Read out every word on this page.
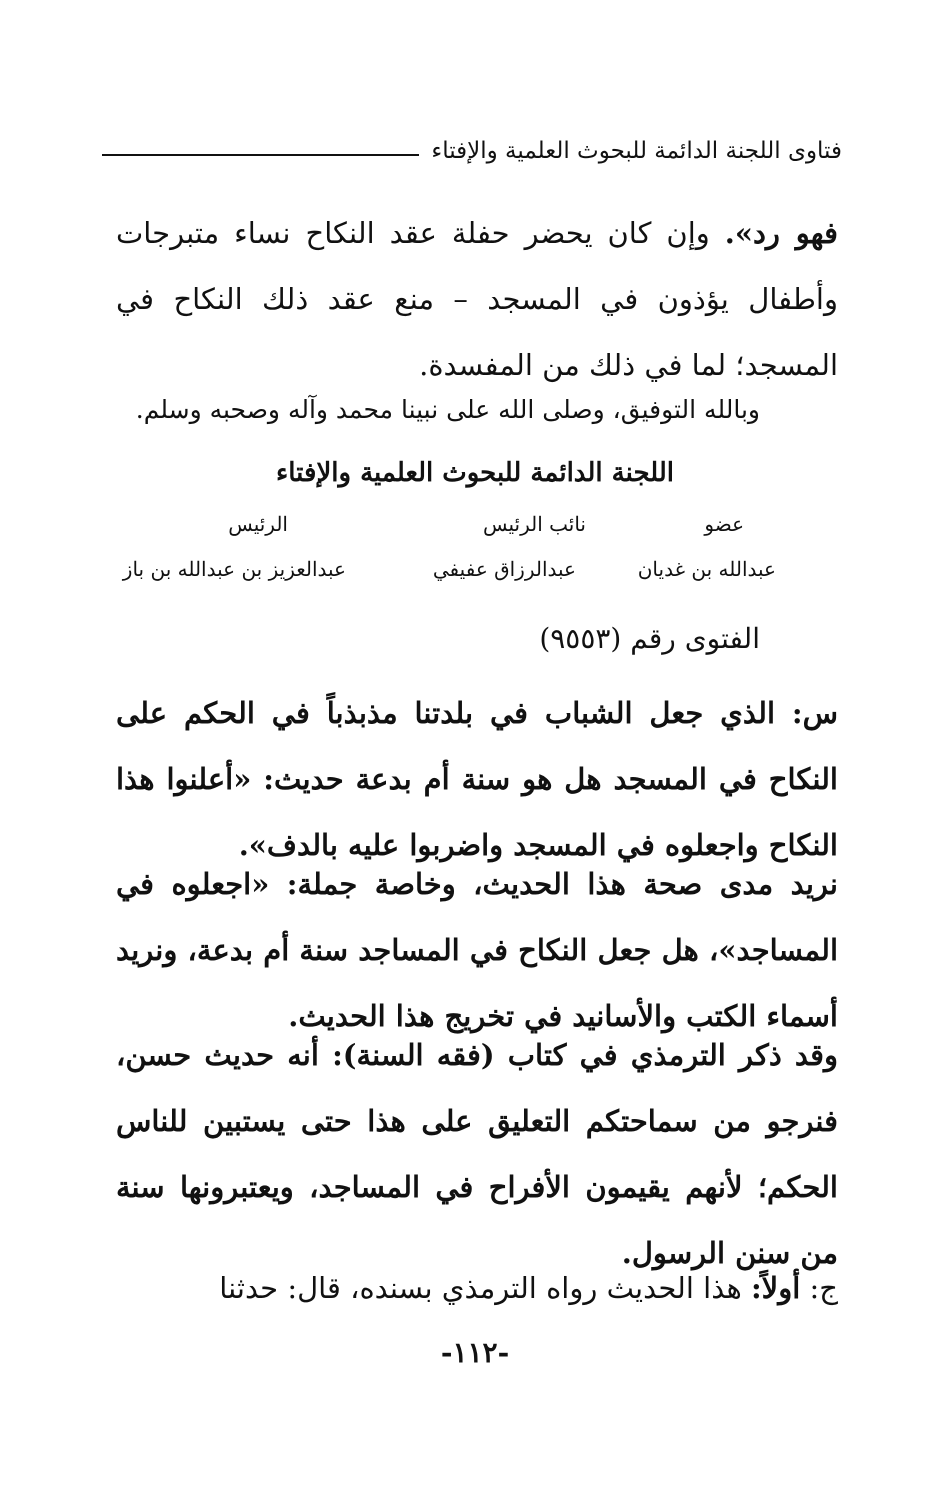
فتاوى اللجنة الدائمة للبحوث العلمية والإفتاء
فهو رد». وإن كان يحضر حفلة عقد النكاح نساء متبرجات وأطفال يؤذون في المسجد – منع عقد ذلك النكاح في المسجد؛ لما في ذلك من المفسدة.
وبالله التوفيق، وصلى الله على نبينا محمد وآله وصحبه وسلم.
اللجنة الدائمة للبحوث العلمية والإفتاء
عضو
نائب الرئيس
الرئيس
عبدالله بن غديان
عبدالرزاق عفيفي
عبدالعزيز بن عبدالله بن باز
الفتوى رقم (٩٥٥٣)
س: الذي جعل الشباب في بلدتنا مذبذباً في الحكم على النكاح في المسجد هل هو سنة أم بدعة حديث: «أعلنوا هذا النكاح واجعلوه في المسجد واضربوا عليه بالدف».
نريد مدى صحة هذا الحديث، وخاصة جملة: «اجعلوه في المساجد»، هل جعل النكاح في المساجد سنة أم بدعة، ونريد أسماء الكتب والأسانيد في تخريج هذا الحديث.
وقد ذكر الترمذي في كتاب (فقه السنة): أنه حديث حسن، فنرجو من سماحتكم التعليق على هذا حتى يستبين للناس الحكم؛ لأنهم يقيمون الأفراح في المساجد، ويعتبرونها سنة من سنن الرسول.
ج: أولاً: هذا الحديث رواه الترمذي بسنده، قال: حدثنا
-١١٢-
